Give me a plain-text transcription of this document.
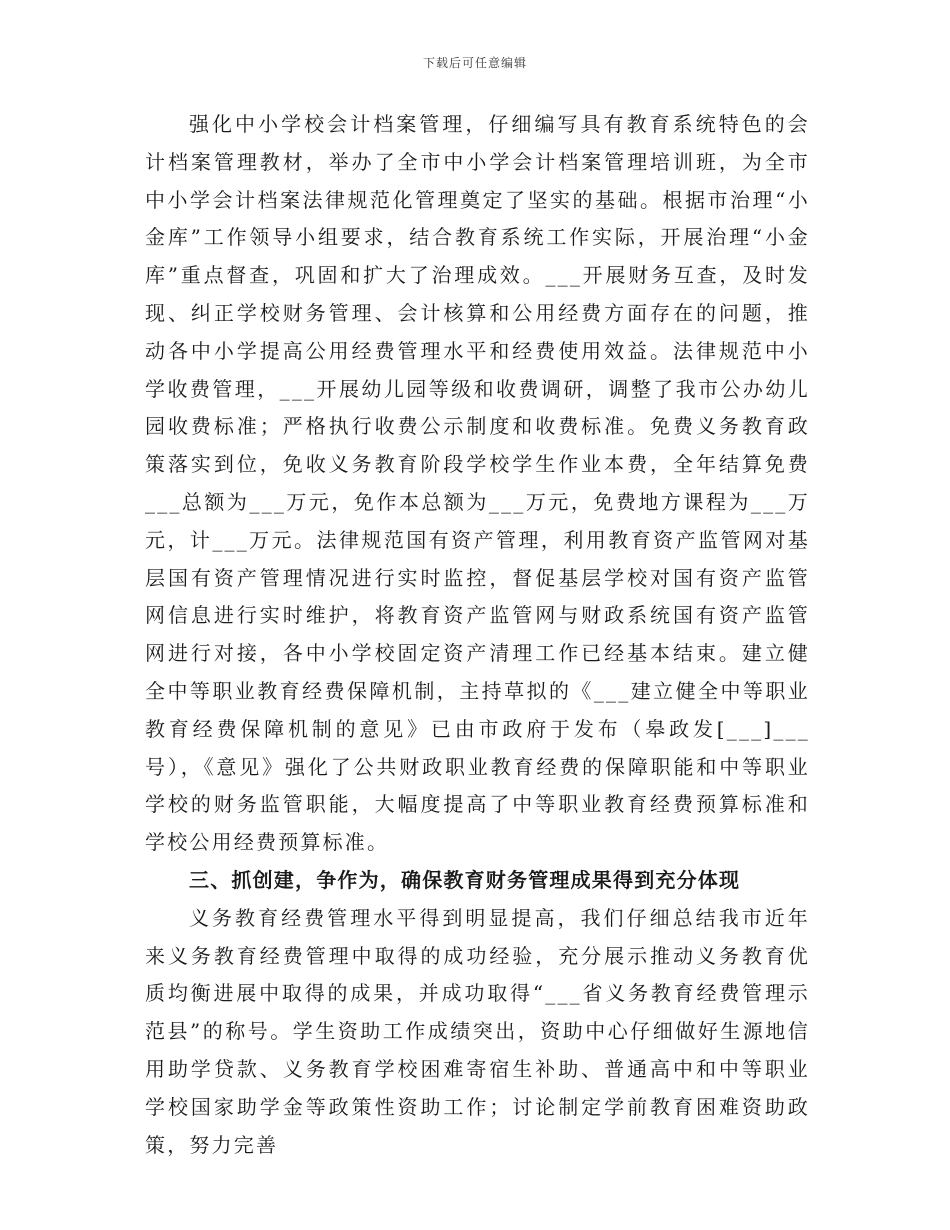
下载后可任意编辑

强化中小学校会计档案管理，仔细编写具有教育系统特色的会计档案管理教材，举办了全市中小学会计档案管理培训班，为全市中小学会计档案法律规范化管理奠定了坚实的基础。根据市治理“小金库”工作领导小组要求，结合教育系统工作实际，开展治理“小金库”重点督查，巩固和扩大了治理成效。___开展财务互查，及时发现、纠正学校财务管理、会计核算和公用经费方面存在的问题，推动各中小学提高公用经费管理水平和经费使用效益。法律规范中小学收费管理，___开展幼儿园等级和收费调研，调整了我市公办幼儿园收费标准；严格执行收费公示制度和收费标准。免费义务教育政策落实到位，免收义务教育阶段学校学生作业本费，全年结算免费___总额为___万元，免作本总额为___万元，免费地方课程为___万元，计___万元。法律规范国有资产管理，利用教育资产监管网对基层国有资产管理情况进行实时监控，督促基层学校对国有资产监管网信息进行实时维护，将教育资产监管网与财政系统国有资产监管网进行对接，各中小学校固定资产清理工作已经基本结束。建立健全中等职业教育经费保障机制，主持草拟的《___建立健全中等职业教育经费保障机制的意见》已由市政府于发布（皋政发[___]___号），《意见》强化了公共财政职业教育经费的保障职能和中等职业学校的财务监管职能，大幅度提高了中等职业教育经费预算标准和学校公用经费预算标准。

三、抓创建，争作为，确保教育财务管理成果得到充分体现

义务教育经费管理水平得到明显提高，我们仔细总结我市近年来义务教育经费管理中取得的成功经验，充分展示推动义务教育优质均衡进展中取得的成果，并成功取得“___省义务教育经费管理示范县”的称号。学生资助工作成绩突出，资助中心仔细做好生源地信用助学贷款、义务教育学校困难寄宿生补助、普通高中和中等职业学校国家助学金等政策性资助工作；讨论制定学前教育困难资助政策，努力完善
